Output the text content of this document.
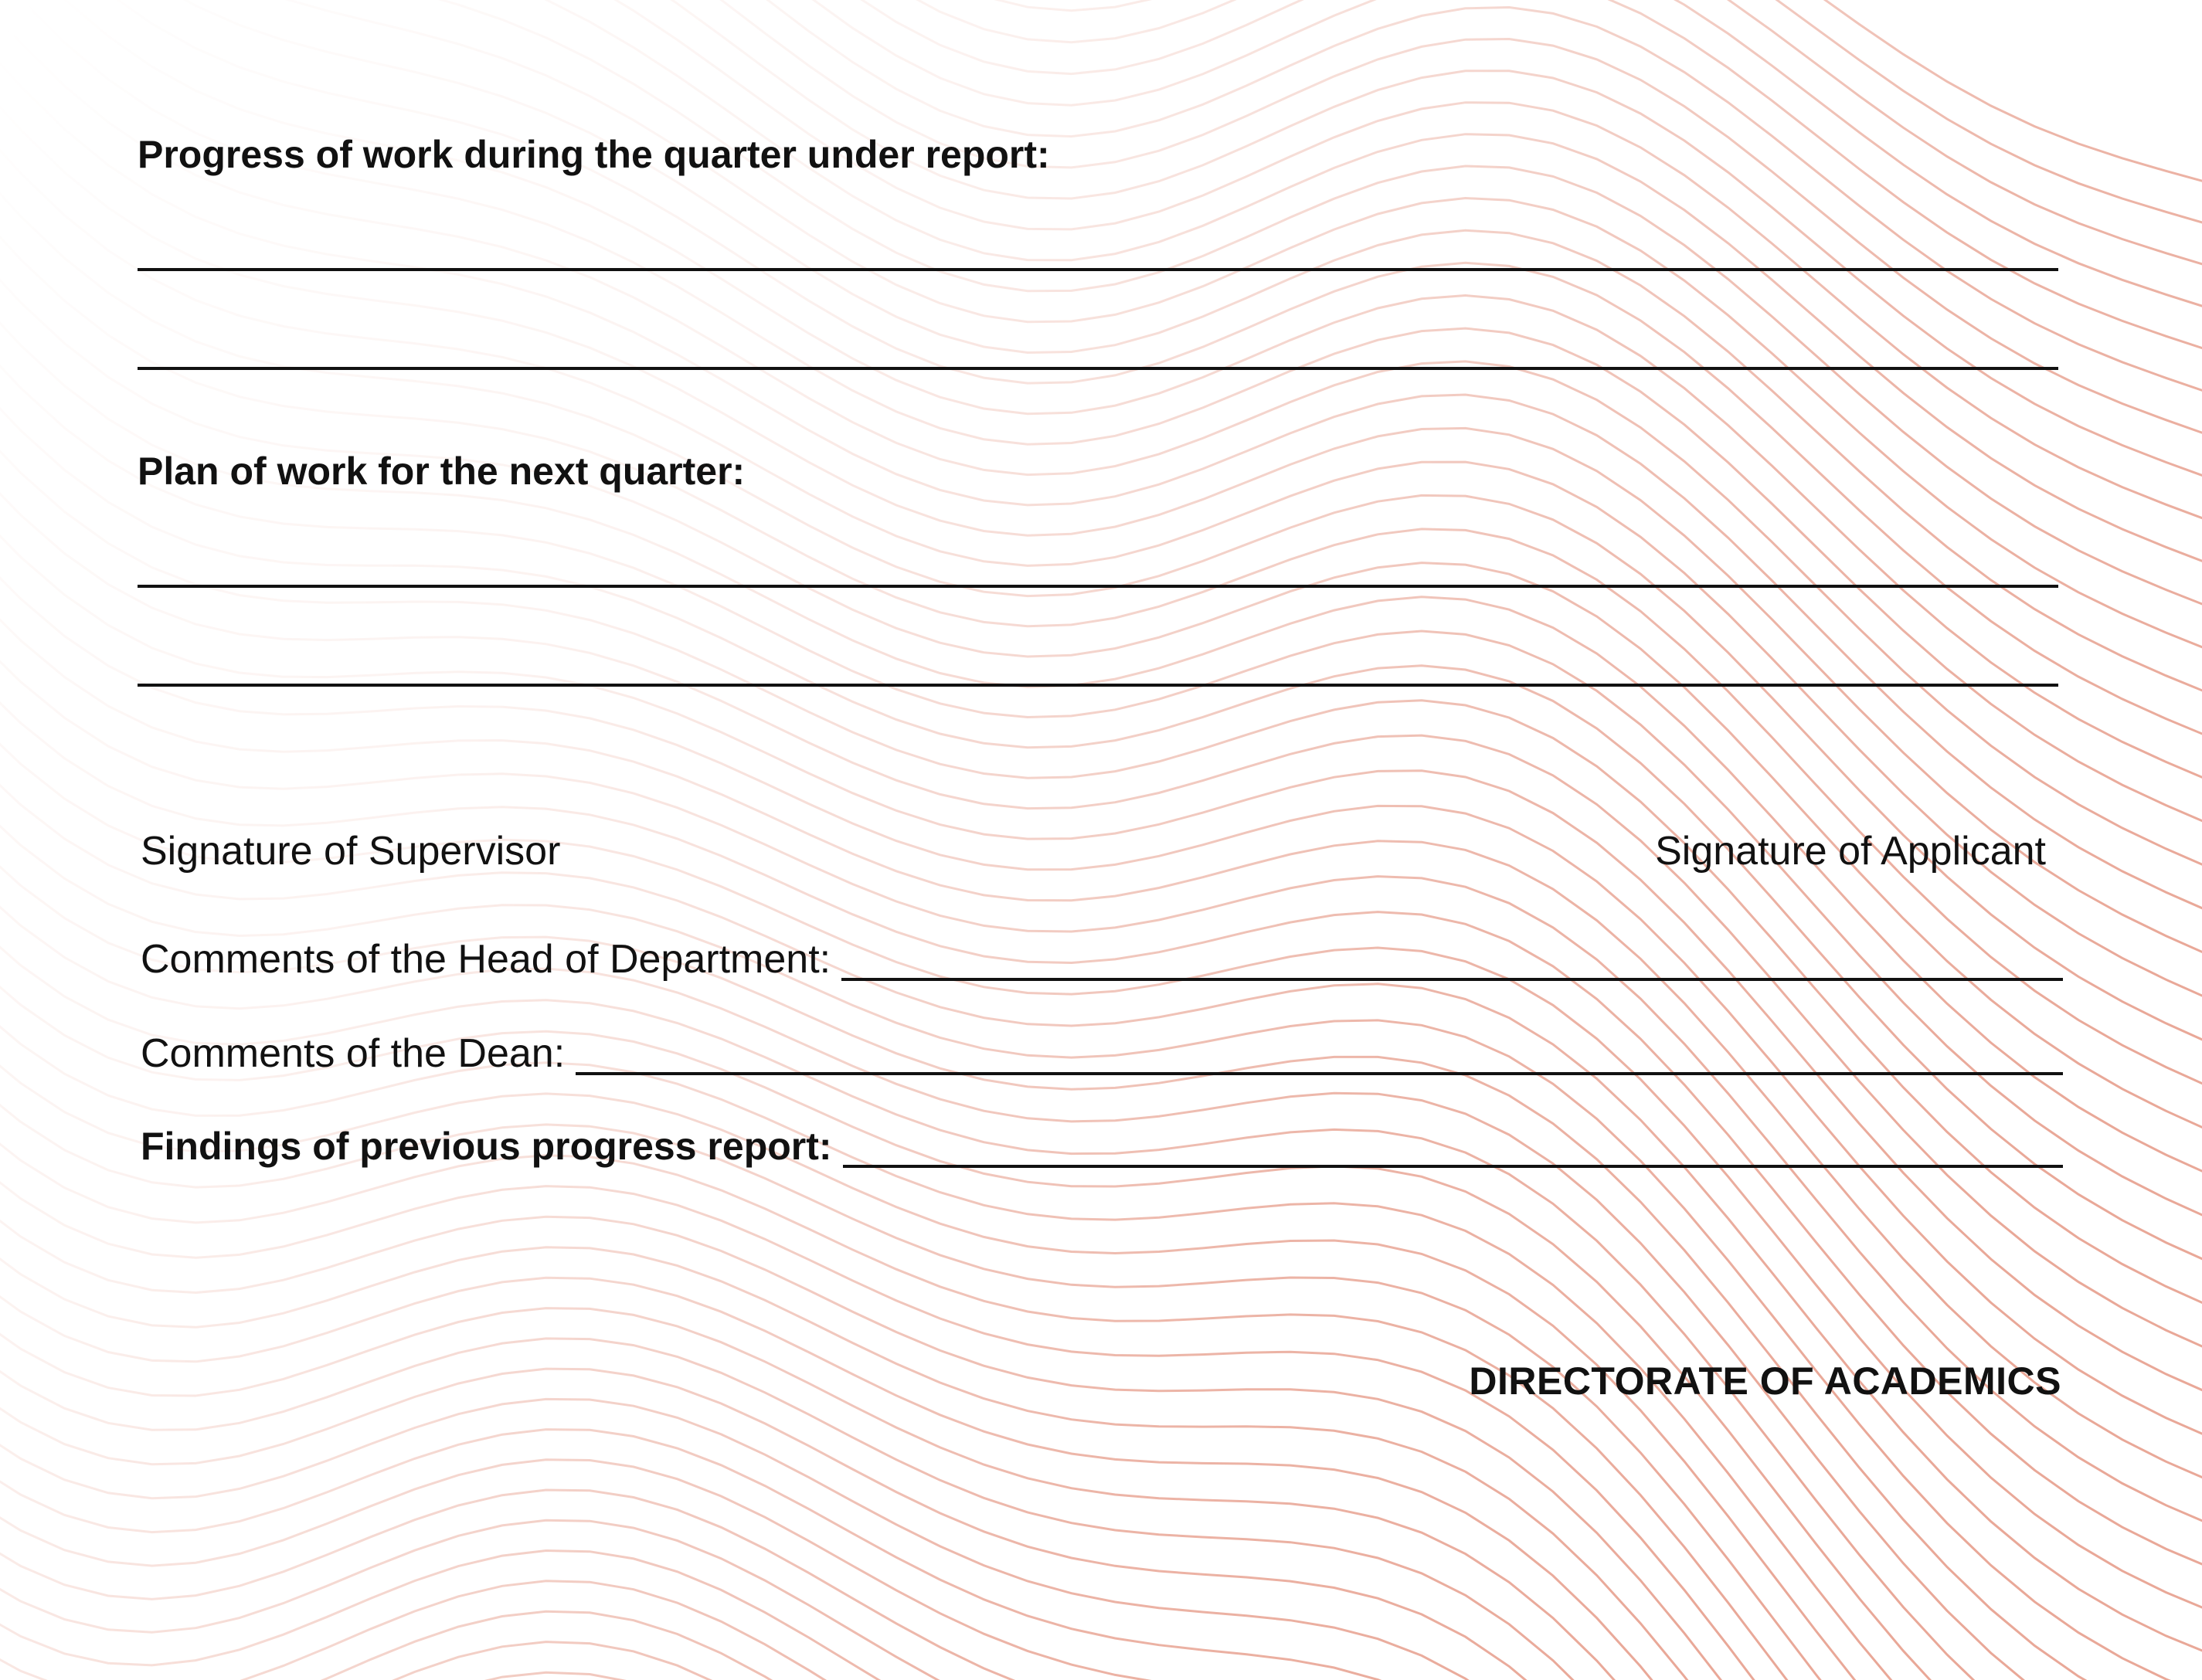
Progress of work during the quarter under report:
Plan of work for the next quarter:
Signature of Supervisor	Signature of Applicant
Comments of the Head of Department:
Comments of the Dean:
Findings of previous progress report:
DIRECTORATE OF ACADEMICS
